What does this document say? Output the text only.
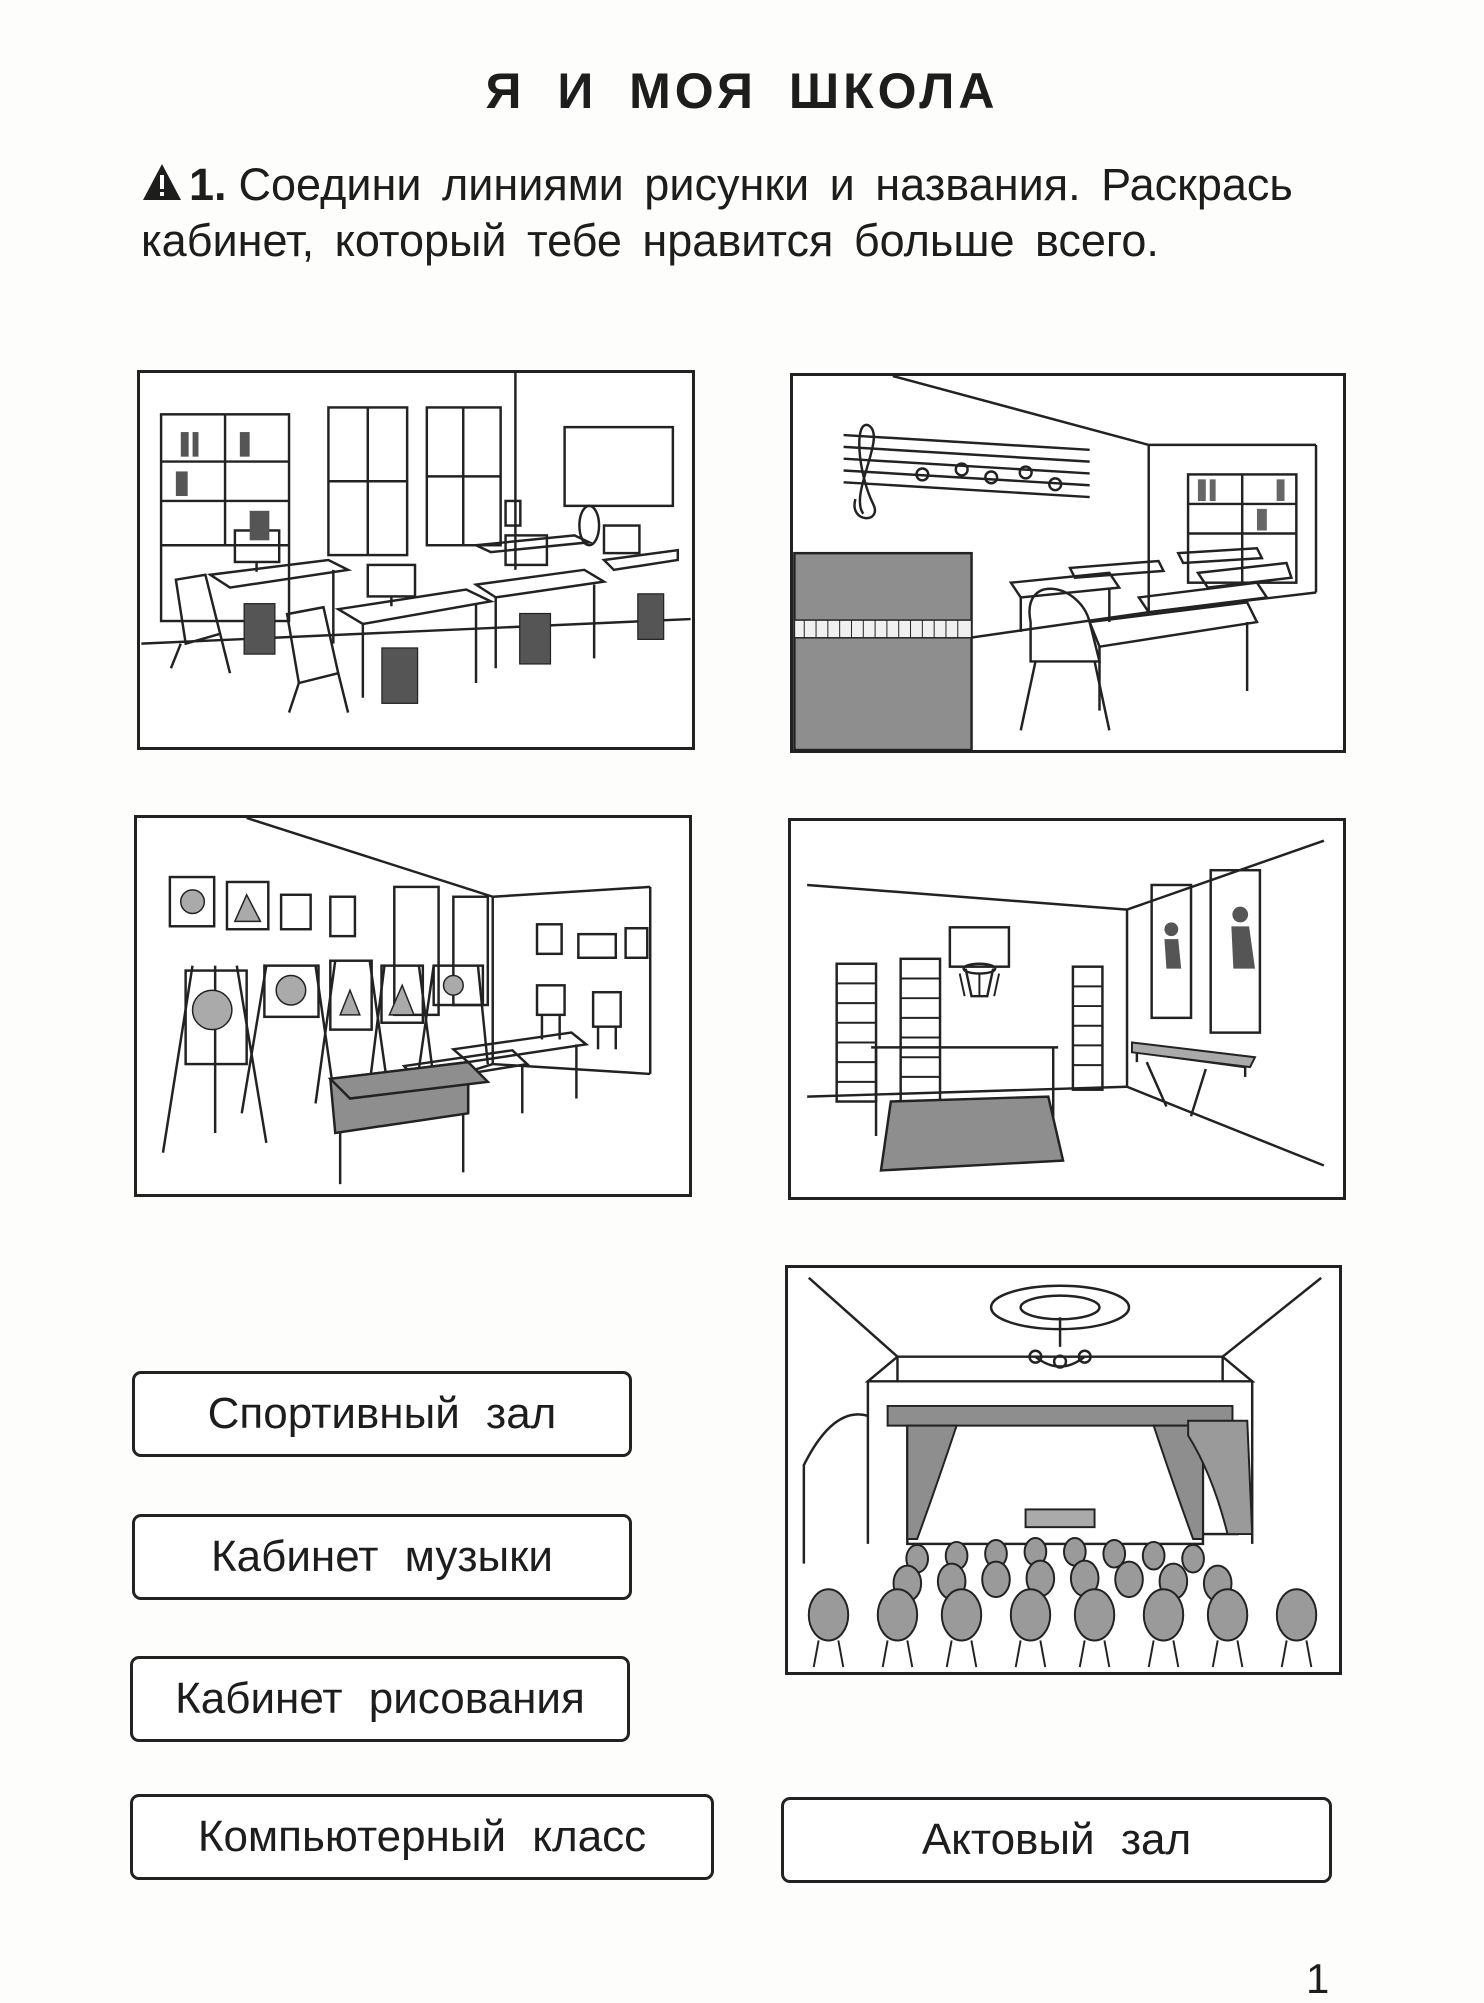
Я И МОЯ ШКОЛА
1. Соедини линиями рисунки и названия. Раскрась кабинет, который тебе нравится больше всего.
Спортивный зал
Кабинет музыки
Кабинет рисования
Компьютерный класс	Актовый зал
1
